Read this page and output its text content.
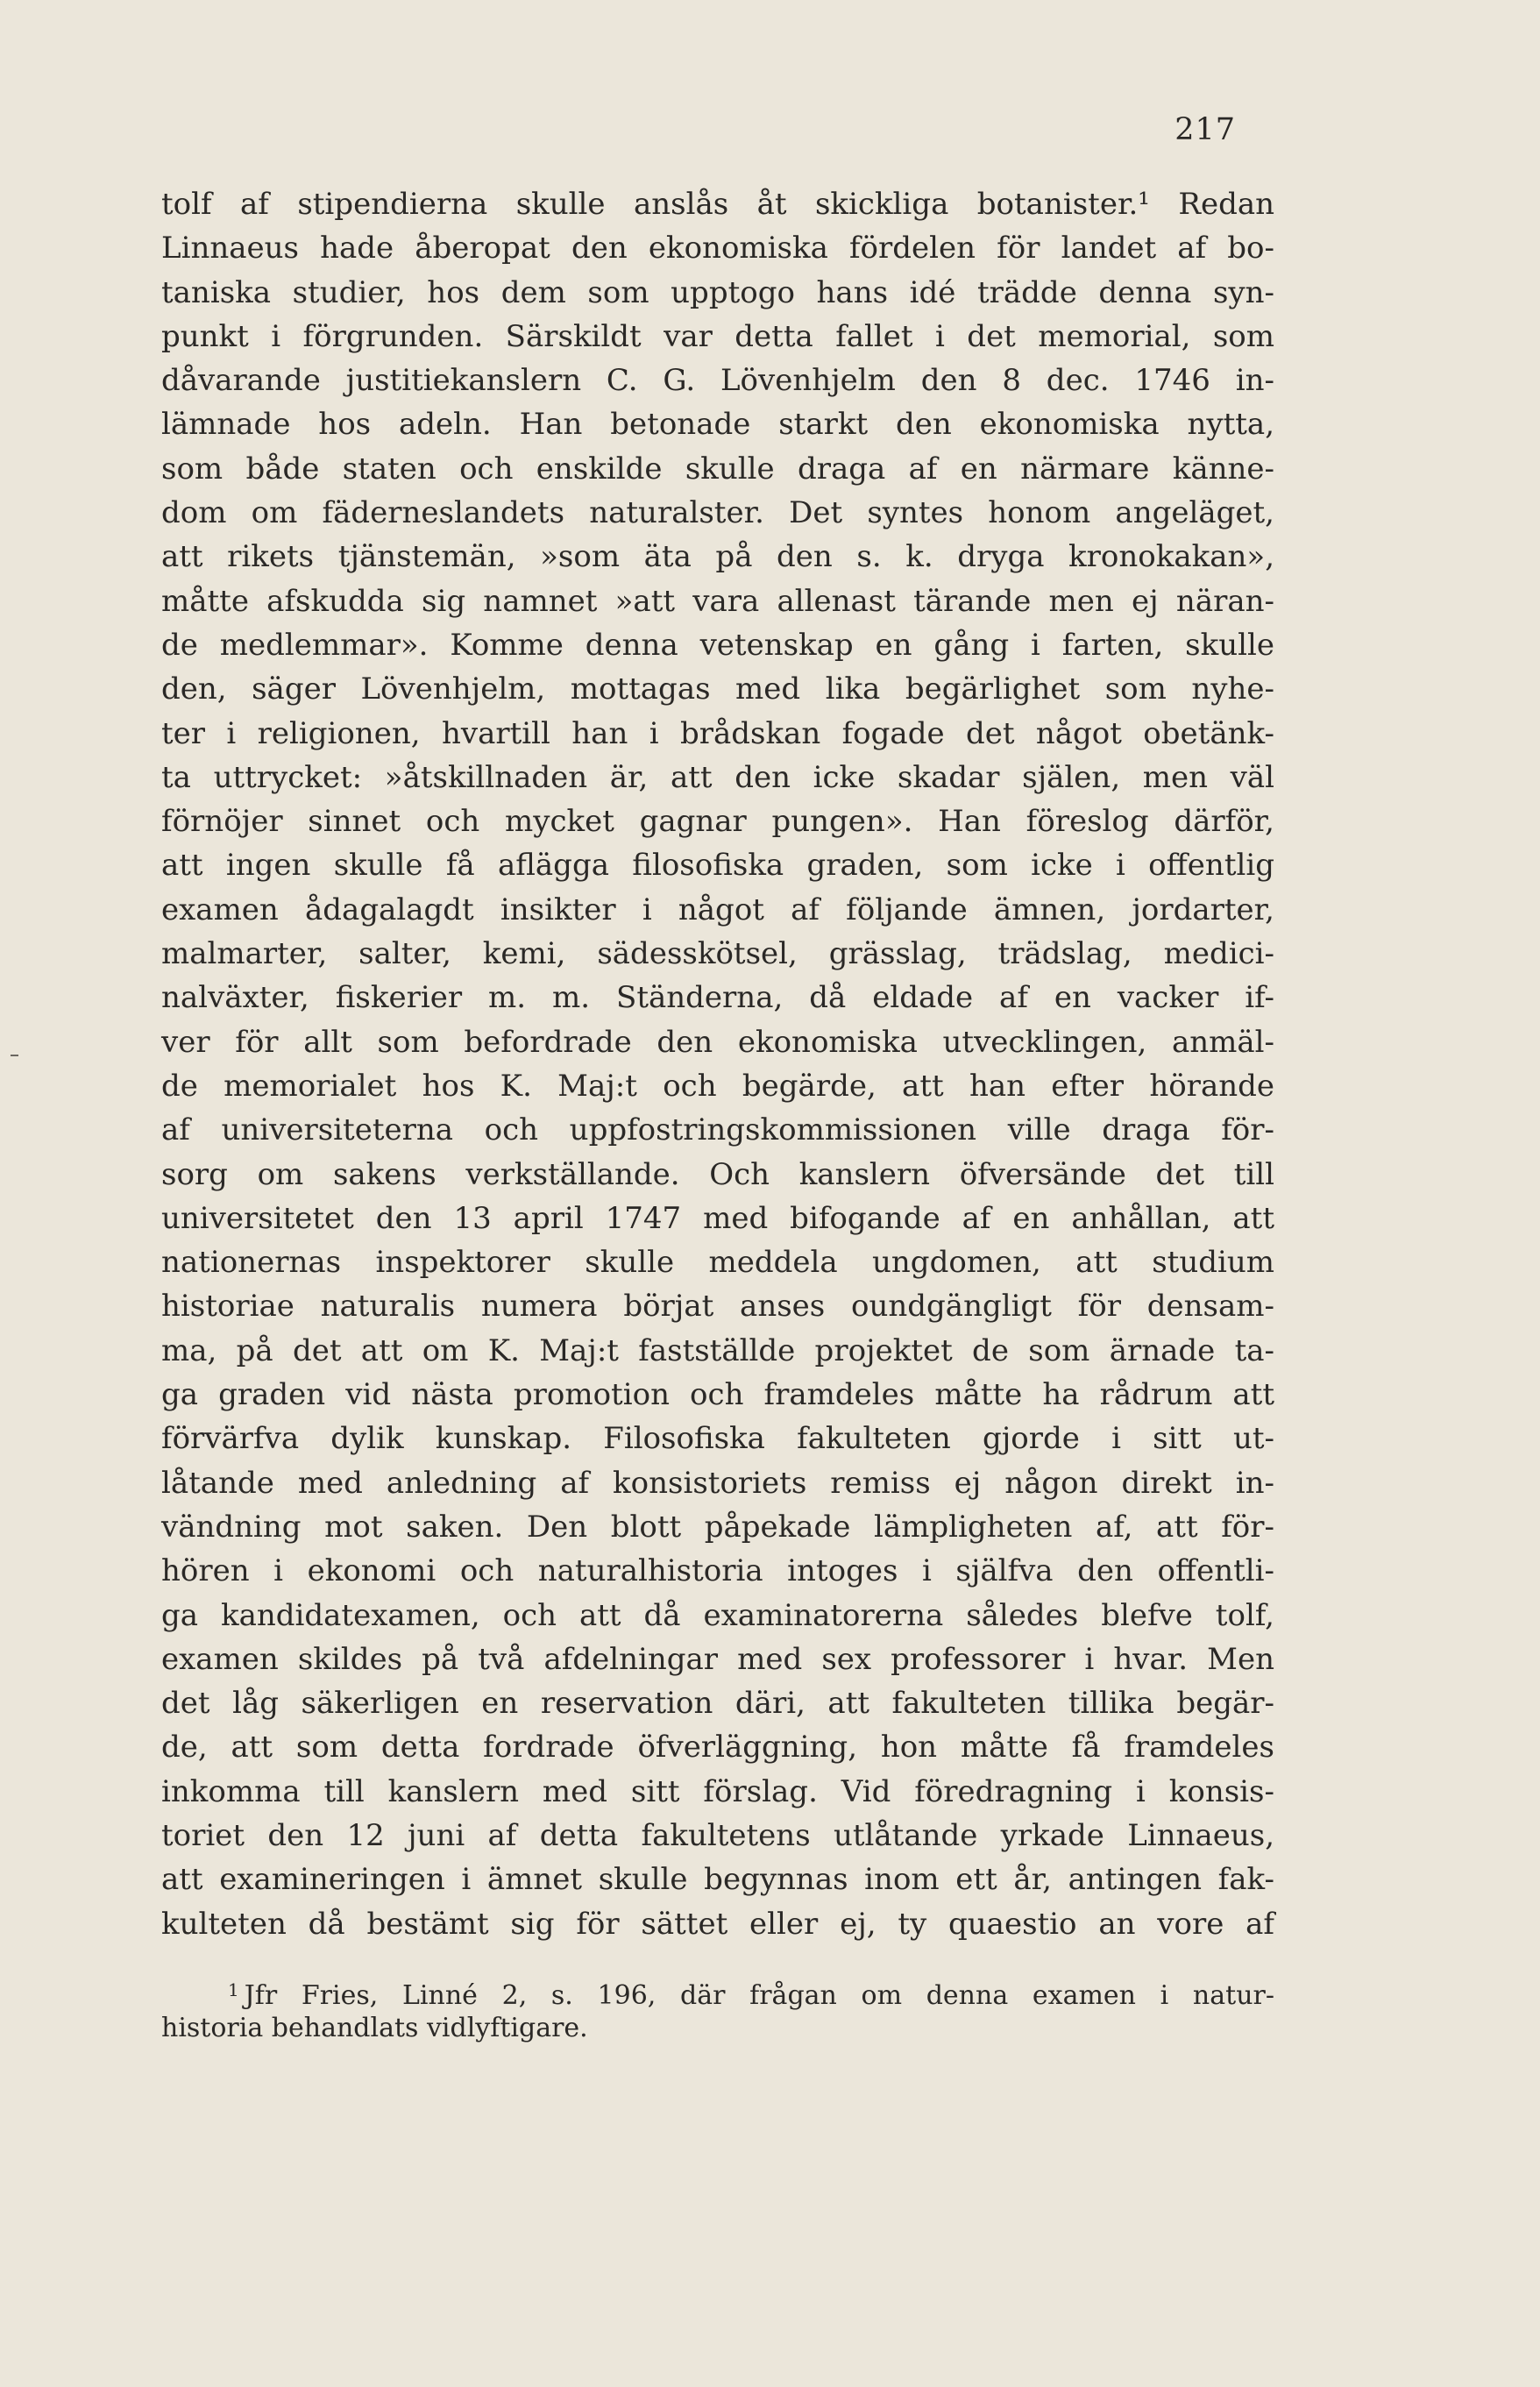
217
tolf af stipendierna skulle anslås åt skickliga botanister.¹ Redan
Linnaeus hade åberopat den ekonomiska fördelen för landet af bo-
taniska studier, hos dem som upptogo hans idé trädde denna syn-
punkt i förgrunden. Särskildt var detta fallet i det memorial, som
dåvarande justitiekanslern C. G. Lövenhjelm den 8 dec. 1746 in-
lämnade hos adeln. Han betonade starkt den ekonomiska nytta,
som både staten och enskilde skulle draga af en närmare känne-
dom om fäderneslandets naturalster. Det syntes honom angeläget,
att rikets tjänstemän, »som äta på den s. k. dryga kronokakan»,
måtte afskudda sig namnet »att vara allenast tärande men ej näran-
de medlemmar». Komme denna vetenskap en gång i farten, skulle
den, säger Lövenhjelm, mottagas med lika begärlighet som nyhe-
ter i religionen, hvartill han i brådskan fogade det något obetänk-
ta uttrycket: »åtskillnaden är, att den icke skadar själen, men väl
förnöjer sinnet och mycket gagnar pungen». Han föreslog därför,
att ingen skulle få aflägga filosofiska graden, som icke i offentlig
examen ådagalagdt insikter i något af följande ämnen, jordarter,
malmarter, salter, kemi, sädesskötsel, grässlag, trädslag, medici-
nalväxter, fiskerier m. m. Ständerna, då eldade af en vacker if-
ver för allt som befordrade den ekonomiska utvecklingen, anmäl-
de memorialet hos K. Maj:t och begärde, att han efter hörande
af universiteterna och uppfostringskommissionen ville draga för-
sorg om sakens verkställande. Och kanslern öfversände det till
universitetet den 13 april 1747 med bifogande af en anhållan, att
nationernas inspektorer skulle meddela ungdomen, att studium
historiae naturalis numera börjat anses oundgängligt för densam-
ma, på det att om K. Maj:t fastställde projektet de som ärnade ta-
ga graden vid nästa promotion och framdeles måtte ha rådrum att
förvärfva dylik kunskap. Filosofiska fakulteten gjorde i sitt ut-
låtande med anledning af konsistoriets remiss ej någon direkt in-
vändning mot saken. Den blott påpekade lämpligheten af, att för-
hören i ekonomi och naturalhistoria intoges i själfva den offentli-
ga kandidatexamen, och att då examinatorerna således blefve tolf,
examen skildes på två afdelningar med sex professorer i hvar. Men
det låg säkerligen en reservation däri, att fakulteten tillika begär-
de, att som detta fordrade öfverläggning, hon måtte få framdeles
inkomma till kanslern med sitt förslag. Vid föredragning i konsis-
toriet den 12 juni af detta fakultetens utlåtande yrkade Linnaeus,
att examineringen i ämnet skulle begynnas inom ett år, antingen fak-
kulteten då bestämt sig för sättet eller ej, ty quaestio an vore af
$^1$ Jfr Fries, Linné 2, s. 196, där frågan om denna examen i natur-
historia behandlats vidlyftigare.
